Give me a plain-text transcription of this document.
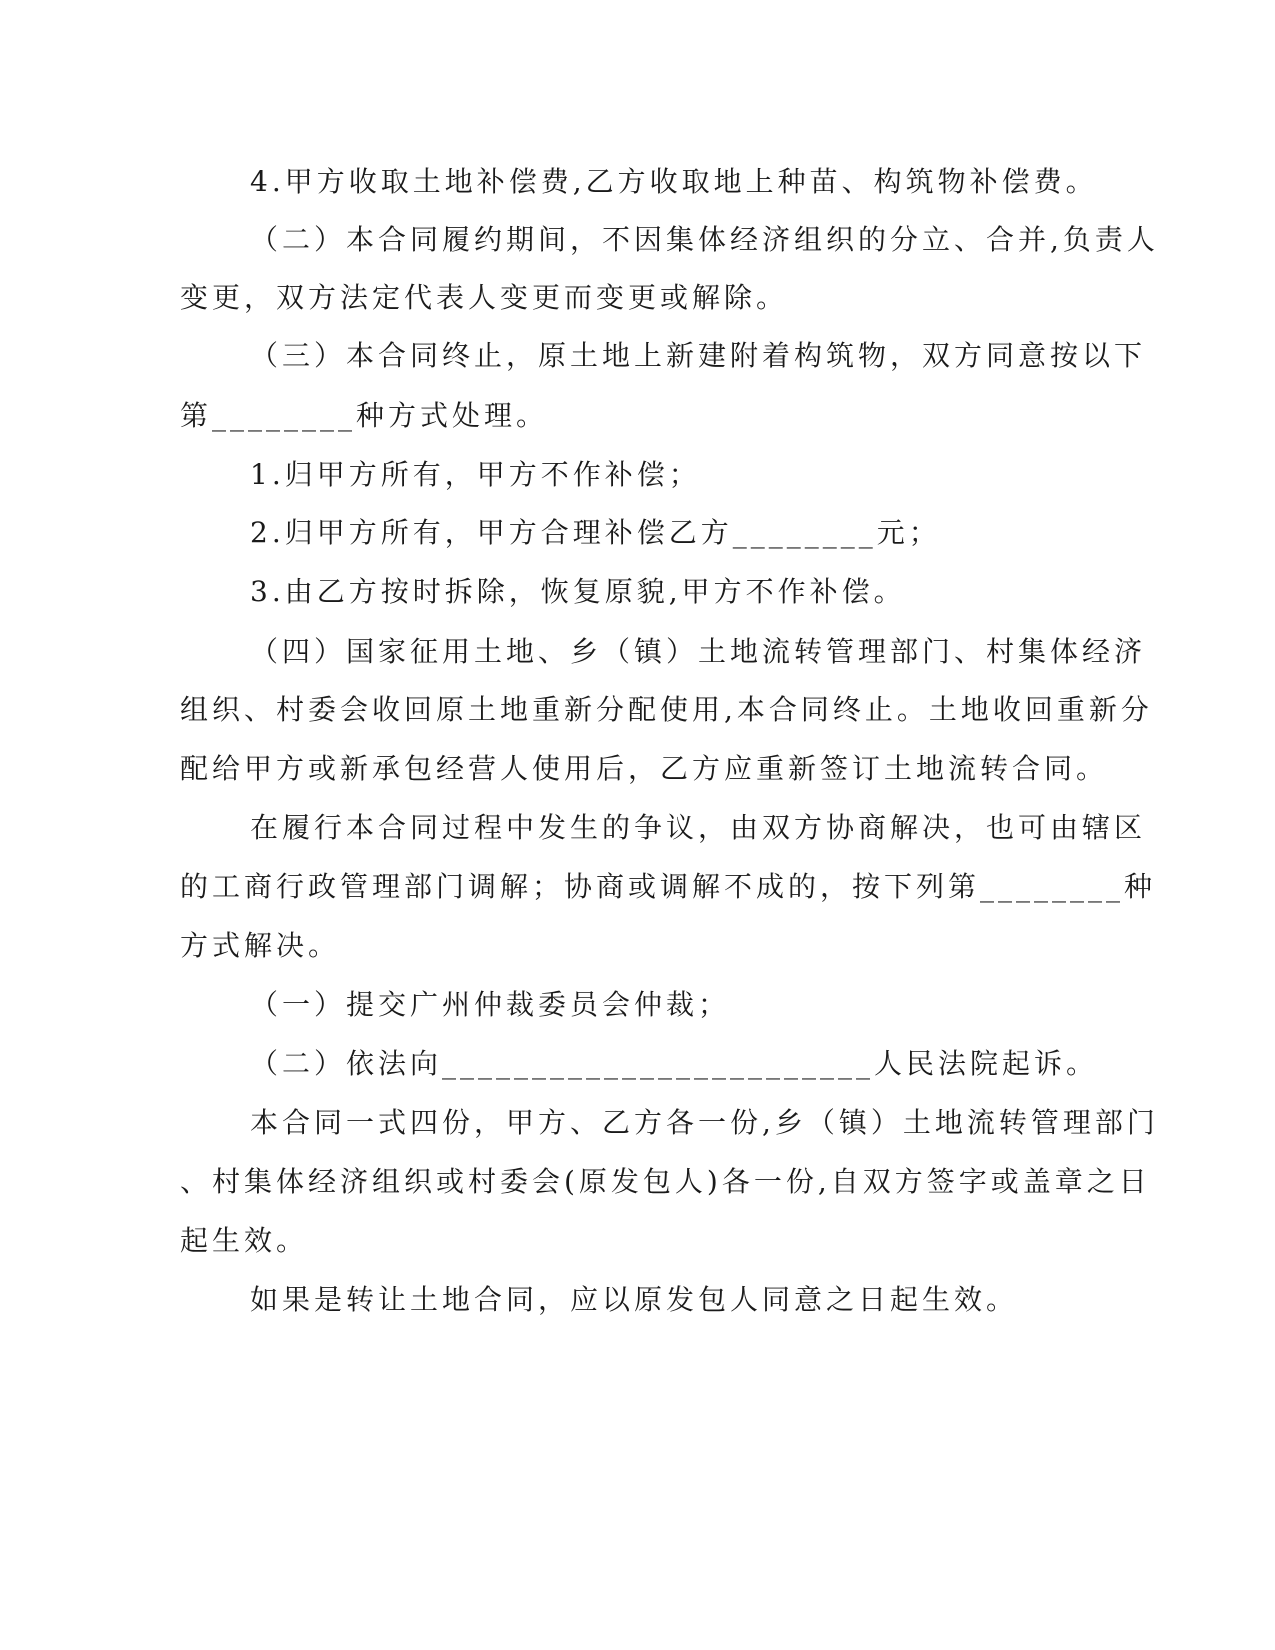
4.甲方收取土地补偿费,乙方收取地上种苗、构筑物补偿费。
（二）本合同履约期间，不因集体经济组织的分立、合并,负责人
变更，双方法定代表人变更而变更或解除。
（三）本合同终止，原土地上新建附着构筑物，双方同意按以下
第________种方式处理。
1.归甲方所有，甲方不作补偿；
2.归甲方所有，甲方合理补偿乙方________元；
3.由乙方按时拆除，恢复原貌,甲方不作补偿。
（四）国家征用土地、乡（镇）土地流转管理部门、村集体经济
组织、村委会收回原土地重新分配使用,本合同终止。土地收回重新分
配给甲方或新承包经营人使用后，乙方应重新签订土地流转合同。
在履行本合同过程中发生的争议，由双方协商解决，也可由辖区
的工商行政管理部门调解；协商或调解不成的，按下列第________种
方式解决。
（一）提交广州仲裁委员会仲裁；
（二）依法向________________________人民法院起诉。
本合同一式四份，甲方、乙方各一份,乡（镇）土地流转管理部门
、村集体经济组织或村委会(原发包人)各一份,自双方签字或盖章之日
起生效。
如果是转让土地合同，应以原发包人同意之日起生效。
